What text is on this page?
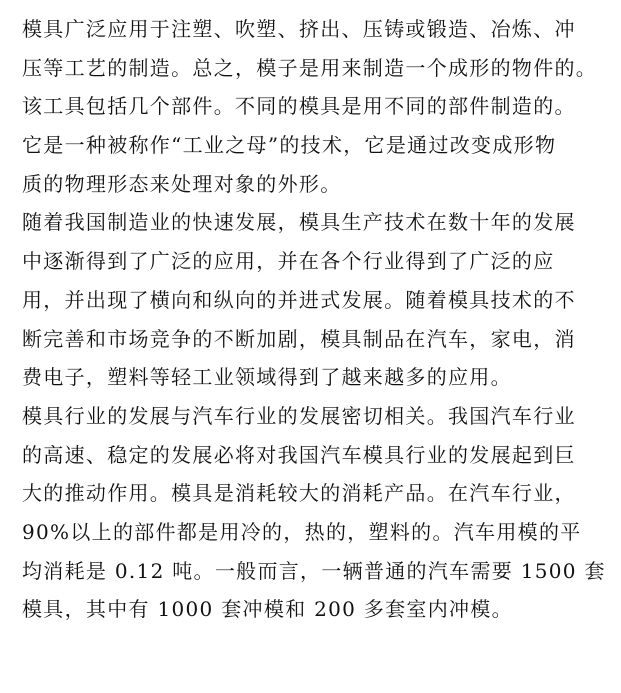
模具广泛应用于注塑、吹塑、挤出、压铸或锻造、冶炼、冲
压等工艺的制造。总之，模子是用来制造一个成形的物件的。
该工具包括几个部件。不同的模具是用不同的部件制造的。
它是一种被称作“工业之母”的技术，它是通过改变成形物
质的物理形态来处理对象的外形。
随着我国制造业的快速发展，模具生产技术在数十年的发展
中逐渐得到了广泛的应用，并在各个行业得到了广泛的应
用，并出现了横向和纵向的并进式发展。随着模具技术的不
断完善和市场竞争的不断加剧，模具制品在汽车，家电，消
费电子，塑料等轻工业领域得到了越来越多的应用。
模具行业的发展与汽车行业的发展密切相关。我国汽车行业
的高速、稳定的发展必将对我国汽车模具行业的发展起到巨
大的推动作用。模具是消耗较大的消耗产品。在汽车行业，
90%以上的部件都是用冷的，热的，塑料的。汽车用模的平
均消耗是 0.12 吨。一般而言，一辆普通的汽车需要 1500 套
模具，其中有 1000 套冲模和 200 多套室内冲模。
